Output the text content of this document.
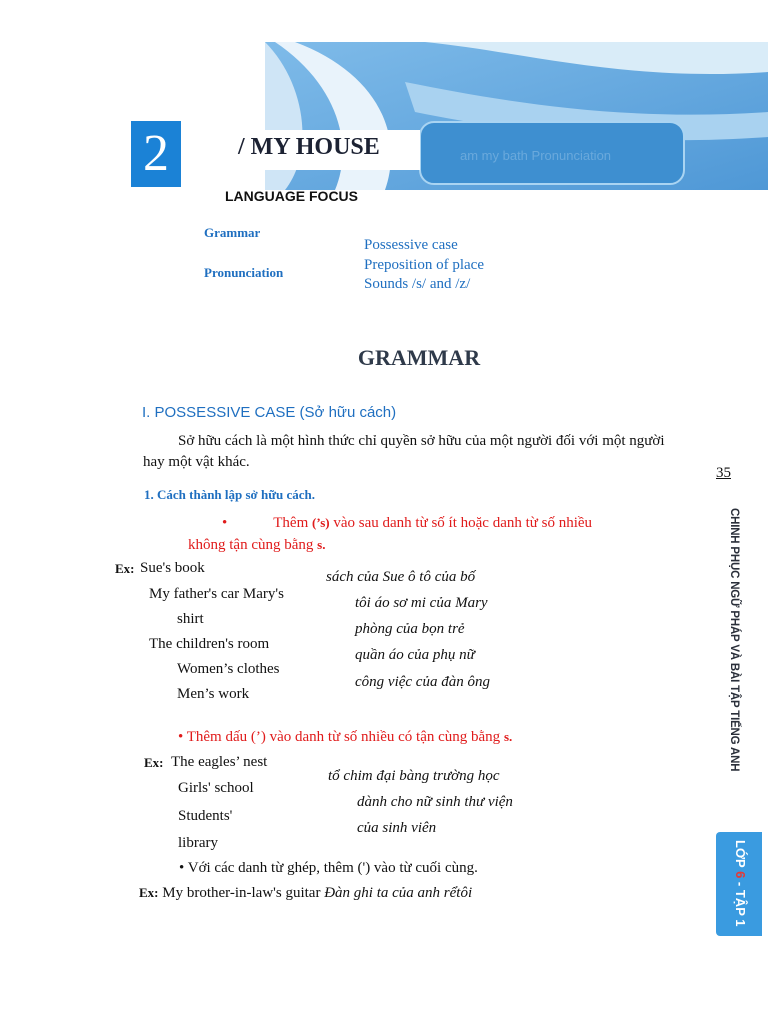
am my bath Pronunciation
2	/ MY HOUSE
LANGUAGE FOCUS
Grammar
Pronunciation
Possessive case
Preposition of place
Sounds /s/ and /z/
GRAMMAR
I. POSSESSIVE CASE (Sở hữu cách)
Sở hữu cách là một hình thức chỉ quyền sở hữu của một người đối với một người hay một vật khác.
1. Cách thành lập sở hữu cách.
•	Thêm (’s) vào sau danh từ số ít hoặc danh từ số nhiều không tận cùng bằng s.
Ex: Sue's book
My father's car Mary's
shirt
The children's room
Women’s clothes
Men’s work
sách của Sue ô tô của bố
tôi áo sơ mi của Mary
phòng của bọn trẻ
quần áo của phụ nữ
công việc của đàn ông
• Thêm dấu (’) vào danh từ số nhiều có tận cùng bằng s.
Ex: The eagles’ nest
Girls' school
Students'
library
tổ chim đại bàng trường học
dành cho nữ sinh thư viện
của sinh viên
• Với các danh từ ghép, thêm (') vào từ cuối cùng.
Ex: My brother-in-law's guitar Đàn ghi ta của anh rểtôi
35
CHINH PHỤC NGỮ PHÁP VÀ BÀI TẬP TIẾNG ANH
LỚP 6 - TẬP 1
